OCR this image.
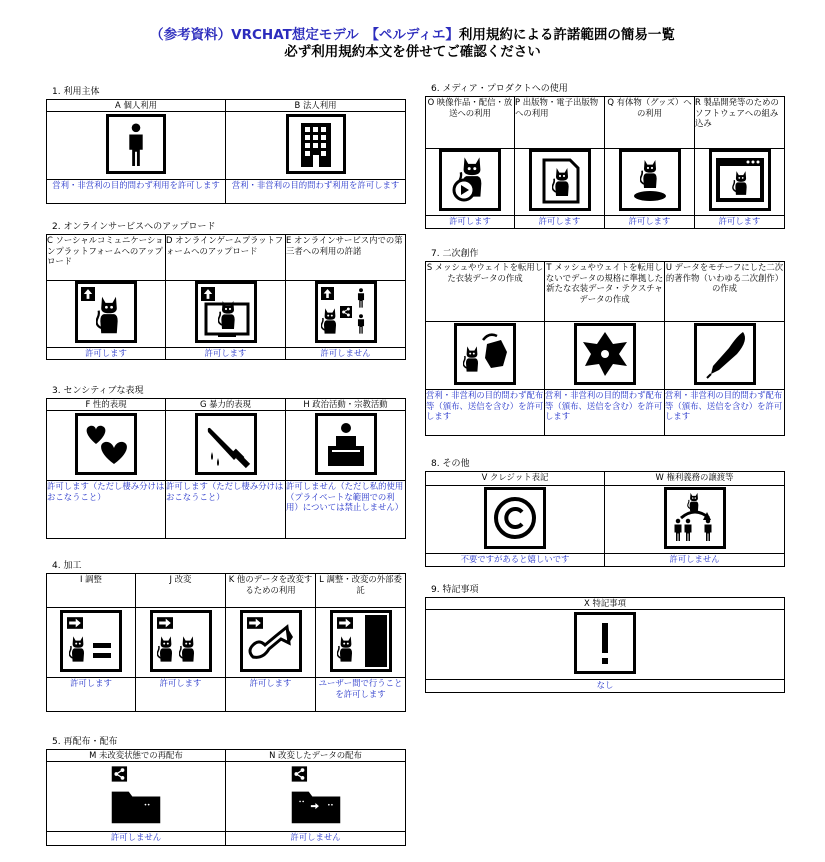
（参考資料）VRCHAT想定モデル　【ペルディエ】利用規約による許諾範囲の簡易一覧
必ず利用規約本文を併せてご確認ください
1. 利用主体
A 個人利用	B 法人利用

営利・非営利の目的問わず利用を許可します	営利・非営利の目的問わず利用を許可します
2. オンラインサービスへのアップロード
C ソーシャルコミュニケーションプラットフォームへのアップロード	D オンラインゲームプラットフォームへのアップロード	E オンラインサービス内での第三者への利用の許諾

許可します	許可します	許可しません
3. センシティブな表現
F 性的表現	G 暴力的表現	H 政治活動・宗教活動

許可します（ただし棲み分けはおこなうこと）	許可します（ただし棲み分けはおこなうこと）	許可しません（ただし私的使用（プライベートな範囲での利用）については禁止しません）
4. 加工
I 調整	J 改変	K 他のデータを改変するための利用	L 調整・改変の外部委託

許可します	許可します	許可します	ユーザー間で行うことを許可します
5. 再配布・配布
M 未改変状態での再配布	N 改変したデータの配布

許可しません	許可しません
6. メディア・プロダクトへの使用
O 映像作品・配信・放送への利用	P 出版物・電子出版物への利用	Q 有体物（グッズ）への利用	R 製品開発等のためのソフトウェアへの組み込み

許可します	許可します	許可します	許可します
7. 二次創作
S メッシュやウェイトを転用した衣装データの作成	T メッシュやウェイトを転用しないでデータの規格に準拠した新たな衣装データ・テクスチャデータの作成	U データをモチーフにした二次的著作物（いわゆる二次創作）の作成

営利・非営利の目的問わず配布等（頒布、送信を含む）を許可します	営利・非営利の目的問わず配布等（頒布、送信を含む）を許可します	営利・非営利の目的問わず配布等（頒布、送信を含む）を許可します
8. その他
V クレジット表記	W 権利義務の譲渡等

不要ですがあると嬉しいです	許可しません
9. 特記事項
X 特記事項

なし
